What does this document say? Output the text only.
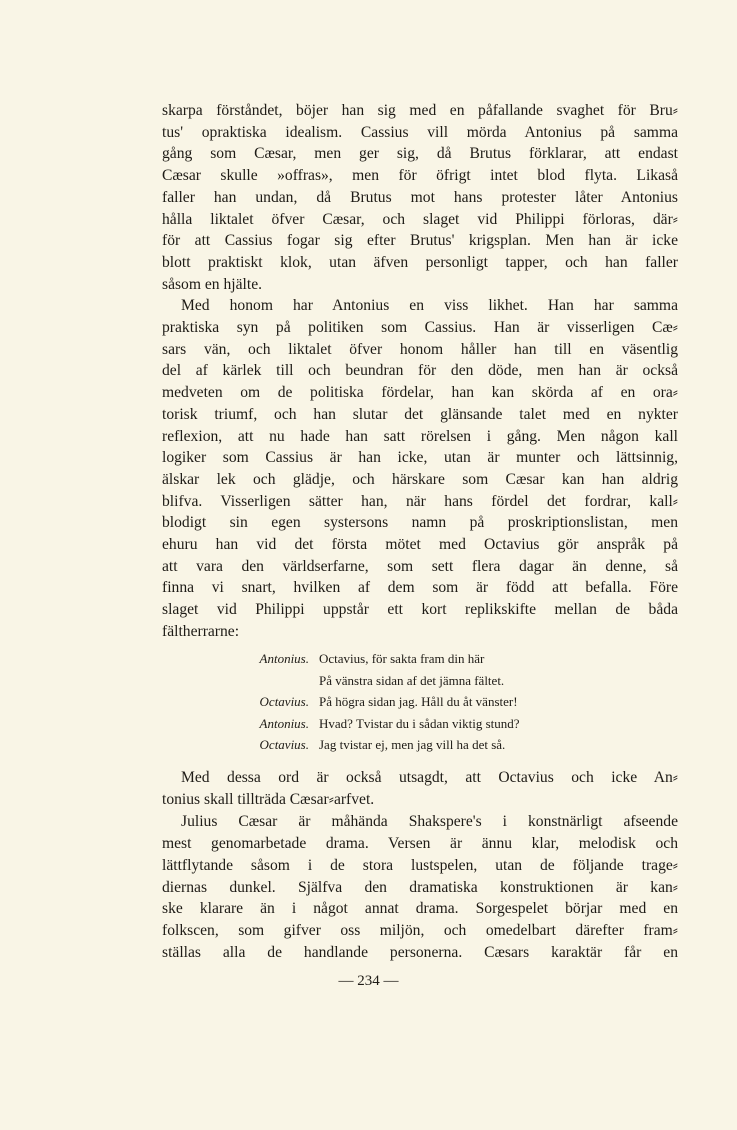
skarpa förståndet, böjer han sig med en påfallande svaghet för Bru⸗
tus' opraktiska idealism. Cassius vill mörda Antonius på samma
gång som Cæsar, men ger sig, då Brutus förklarar, att endast
Cæsar skulle »offras», men för öfrigt intet blod flyta. Likaså
faller han undan, då Brutus mot hans protester låter Antonius
hålla liktalet öfver Cæsar, och slaget vid Philippi förloras, där⸗
för att Cassius fogar sig efter Brutus' krigsplan. Men han är icke
blott praktiskt klok, utan äfven personligt tapper, och han faller
såsom en hjälte.
Med honom har Antonius en viss likhet. Han har samma
praktiska syn på politiken som Cassius. Han är visserligen Cæ⸗
sars vän, och liktalet öfver honom håller han till en väsentlig
del af kärlek till och beundran för den döde, men han är också
medveten om de politiska fördelar, han kan skörda af en ora⸗
torisk triumf, och han slutar det glänsande talet med en nykter
reflexion, att nu hade han satt rörelsen i gång. Men någon kall
logiker som Cassius är han icke, utan är munter och lättsinnig,
älskar lek och glädje, och härskare som Cæsar kan han aldrig
blifva. Visserligen sätter han, när hans fördel det fordrar, kall⸗
blodigt sin egen systersons namn på proskriptionslistan, men
ehuru han vid det första mötet med Octavius gör anspråk på
att vara den världserfarne, som sett flera dagar än denne, så
finna vi snart, hvilken af dem som är född att befalla. Före
slaget vid Philippi uppstår ett kort replikskifte mellan de båda
fältherrarne:
Antonius. Octavius, för sakta fram din här
På vänstra sidan af det jämna fältet.
Octavius. På högra sidan jag. Håll du åt vänster!
Antonius. Hvad? Tvistar du i sådan viktig stund?
Octavius. Jag tvistar ej, men jag vill ha det så.
Med dessa ord är också utsagdt, att Octavius och icke An⸗
tonius skall tillträda Cæsar⸗arfvet.
Julius Cæsar är måhända Shakspere's i konstnärligt afseende
mest genomarbetade drama. Versen är ännu klar, melodisk och
lättflytande såsom i de stora lustspelen, utan de följande trage⸗
diernas dunkel. Själfva den dramatiska konstruktionen är kan⸗
ske klarare än i något annat drama. Sorgespelet börjar med en
folkscen, som gifver oss miljön, och omedelbart därefter fram⸗
ställas alla de handlande personerna. Cæsars karaktär får en
— 234 —
